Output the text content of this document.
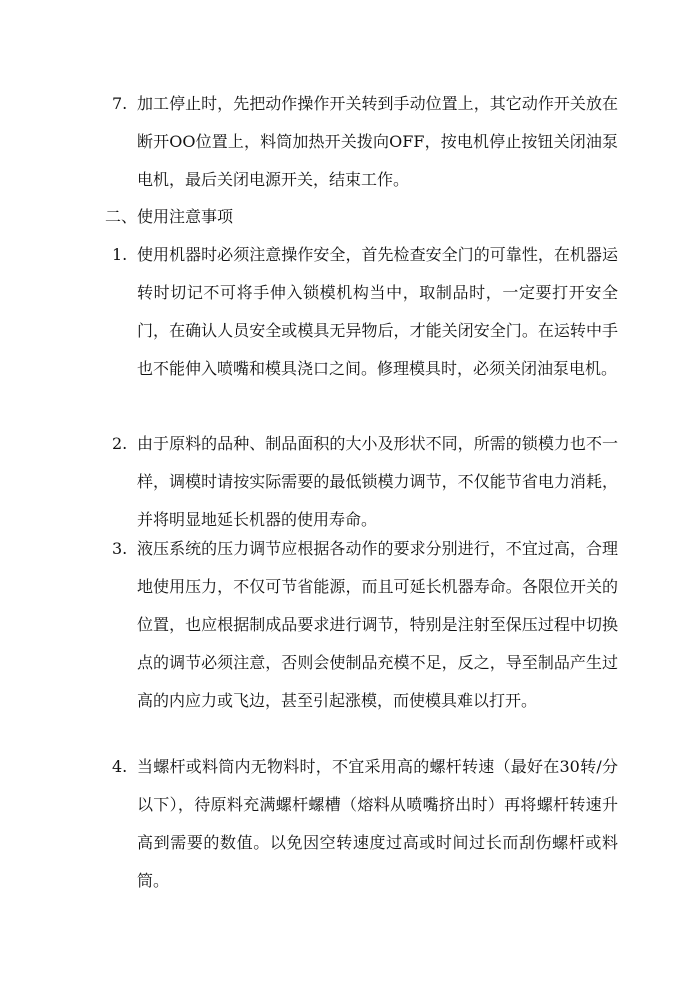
7. 加工停止时，先把动作操作开关转到手动位置上，其它动作开关放在断开OO位置上，料筒加热开关拨向OFF，按电机停止按钮关闭油泵电机，最后关闭电源开关，结束工作。
二、使用注意事项
1. 使用机器时必须注意操作安全，首先检查安全门的可靠性，在机器运转时切记不可将手伸入锁模机构当中，取制品时，一定要打开安全门，在确认人员安全或模具无异物后，才能关闭安全门。在运转中手也不能伸入喷嘴和模具浇口之间。修理模具时，必须关闭油泵电机。
2. 由于原料的品种、制品面积的大小及形状不同，所需的锁模力也不一样，调模时请按实际需要的最低锁模力调节，不仅能节省电力消耗，并将明显地延长机器的使用寿命。
3. 液压系统的压力调节应根据各动作的要求分别进行，不宜过高，合理地使用压力，不仅可节省能源，而且可延长机器寿命。各限位开关的位置，也应根据制成品要求进行调节，特别是注射至保压过程中切换点的调节必须注意，否则会使制品充模不足，反之，导至制品产生过高的内应力或飞边，甚至引起涨模，而使模具难以打开。
4. 当螺杆或料筒内无物料时，不宜采用高的螺杆转速（最好在30转/分以下），待原料充满螺杆螺槽（熔料从喷嘴挤出时）再将螺杆转速升高到需要的数值。以免因空转速度过高或时间过长而刮伤螺杆或料筒。
